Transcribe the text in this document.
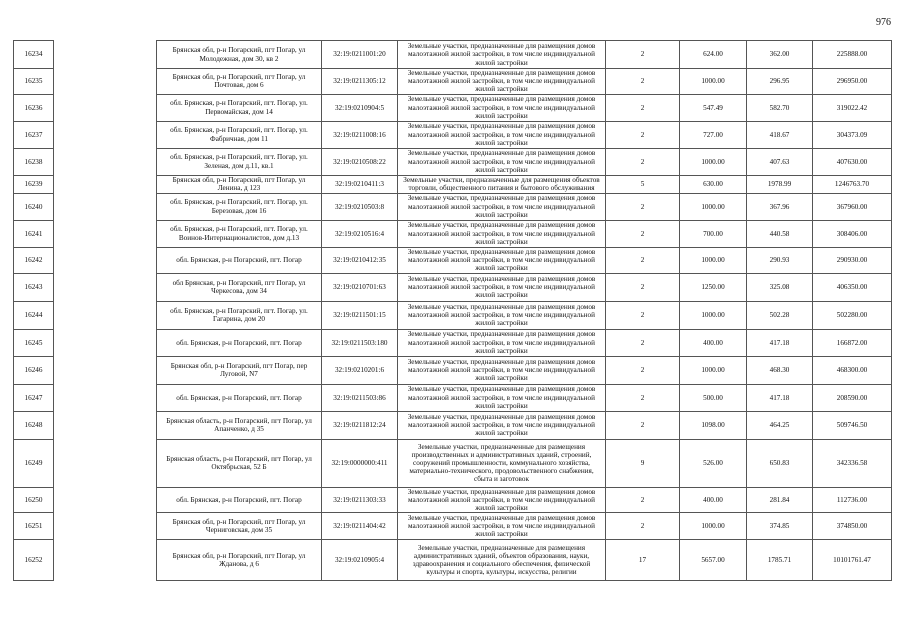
976
16234		Брянская обл, р-н Погарский, пгт Погар, ул Молодежная, дом 30, кв 2	32:19:0211001:20	Земельные участки, предназначенные для размещения домов малоэтажной жилой застройки, в том числе индивидуальной жилой застройки	2	624.00	362.00	225888.00
16235		Брянская обл, р-н Погарский, пгт Погар, ул Почтовая, дом 6	32:19:0211305:12	Земельные участки, предназначенные для размещения домов малоэтажной жилой застройки, в том числе индивидуальной жилой застройки	2	1000.00	296.95	296950.00
16236		обл. Брянская, р-н Погарский, пгт. Погар, ул. Первомайская, дом 14	32:19:0210904:5	Земельные участки, предназначенные для размещения домов малоэтажной жилой застройки, в том числе индивидуальной жилой застройки	2	547.49	582.70	319022.42
16237		обл. Брянская, р-н Погарский, пгт. Погар, ул. Фабричная, дом 11	32:19:0211008:16	Земельные участки, предназначенные для размещения домов малоэтажной жилой застройки, в том числе индивидуальной жилой застройки	2	727.00	418.67	304373.09
16238		обл. Брянская, р-н Погарский, пгт. Погар, ул. Зеленая, дом д.11, кв.1	32:19:0210508:22	Земельные участки, предназначенные для размещения домов малоэтажной жилой застройки, в том числе индивидуальной жилой застройки	2	1000.00	407.63	407630.00
16239		Брянская обл, р-н Погарский, пгт Погар, ул Ленина, д 123	32:19:0210411:3	Земельные участки, предназначенные для размещения объектов торговли, общественного питания и бытового обслуживания	5	630.00	1978.99	1246763.70
16240		обл. Брянская, р-н Погарский, пгт. Погар, ул. Березовая, дом 16	32:19:0210503:8	Земельные участки, предназначенные для размещения домов малоэтажной жилой застройки, в том числе индивидуальной жилой застройки	2	1000.00	367.96	367960.00
16241		обл. Брянская, р-н Погарский, пгт. Погар, ул. Воинов-Интернационалистов, дом д.13	32:19:0210516:4	Земельные участки, предназначенные для размещения домов малоэтажной жилой застройки, в том числе индивидуальной жилой застройки	2	700.00	440.58	308406.00
16242		обл. Брянская, р-н Погарский, пгт. Погар	32:19:0210412:35	Земельные участки, предназначенные для размещения домов малоэтажной жилой застройки, в том числе индивидуальной жилой застройки	2	1000.00	290.93	290930.00
16243		обл Брянская, р-н Погарский, пгт Погар, ул Черкесова, дом 34	32:19:0210701:63	Земельные участки, предназначенные для размещения домов малоэтажной жилой застройки, в том числе индивидуальной жилой застройки	2	1250.00	325.08	406350.00
16244		обл. Брянская, р-н Погарский, пгт. Погар, ул. Гагарина, дом 20	32:19:0211501:15	Земельные участки, предназначенные для размещения домов малоэтажной жилой застройки, в том числе индивидуальной жилой застройки	2	1000.00	502.28	502280.00
16245		обл. Брянская, р-н Погарский, пгт. Погар	32:19:0211503:180	Земельные участки, предназначенные для размещения домов малоэтажной жилой застройки, в том числе индивидуальной жилой застройки	2	400.00	417.18	166872.00
16246		Брянская обл, р-н Погарский, пгт Погар, пер Луговой, N7	32:19:0210201:6	Земельные участки, предназначенные для размещения домов малоэтажной жилой застройки, в том числе индивидуальной жилой застройки	2	1000.00	468.30	468300.00
16247		обл. Брянская, р-н Погарский, пгт. Погар	32:19:0211503:86	Земельные участки, предназначенные для размещения домов малоэтажной жилой застройки, в том числе индивидуальной жилой застройки	2	500.00	417.18	208590.00
16248		Брянская область, р-н Погарский, пгт Погар, ул Апанченко, д 35	32:19:0211812:24	Земельные участки, предназначенные для размещения домов малоэтажной жилой застройки, в том числе индивидуальной жилой застройки	2	1098.00	464.25	509746.50
16249		Брянская область, р-н Погарский, пгт Погар, ул Октябрьская, 52 Б	32:19:0000000:411	Земельные участки, предназначенные для размещения производственных и административных зданий, строений, сооружений промышленности, коммунального хозяйства, материально-технического, продовольственного снабжения, сбыта и заготовок	9	526.00	650.83	342336.58
16250		обл. Брянская, р-н Погарский, пгт. Погар	32:19:0211303:33	Земельные участки, предназначенные для размещения домов малоэтажной жилой застройки, в том числе индивидуальной жилой застройки	2	400.00	281.84	112736.00
16251		Брянская обл, р-н Погарский, пгт Погар, ул Черниговская, дом 35	32:19:0211404:42	Земельные участки, предназначенные для размещения домов малоэтажной жилой застройки, в том числе индивидуальной жилой застройки	2	1000.00	374.85	374850.00
16252		Брянская обл, р-н Погарский, пгт Погар, ул Жданова, д 6	32:19:0210905:4	Земельные участки, предназначенные для размещения административных зданий, объектов образования, науки, здравоохранения и социального обеспечения, физической культуры и спорта, культуры, искусства, религии	17	5657.00	1785.71	10101761.47
